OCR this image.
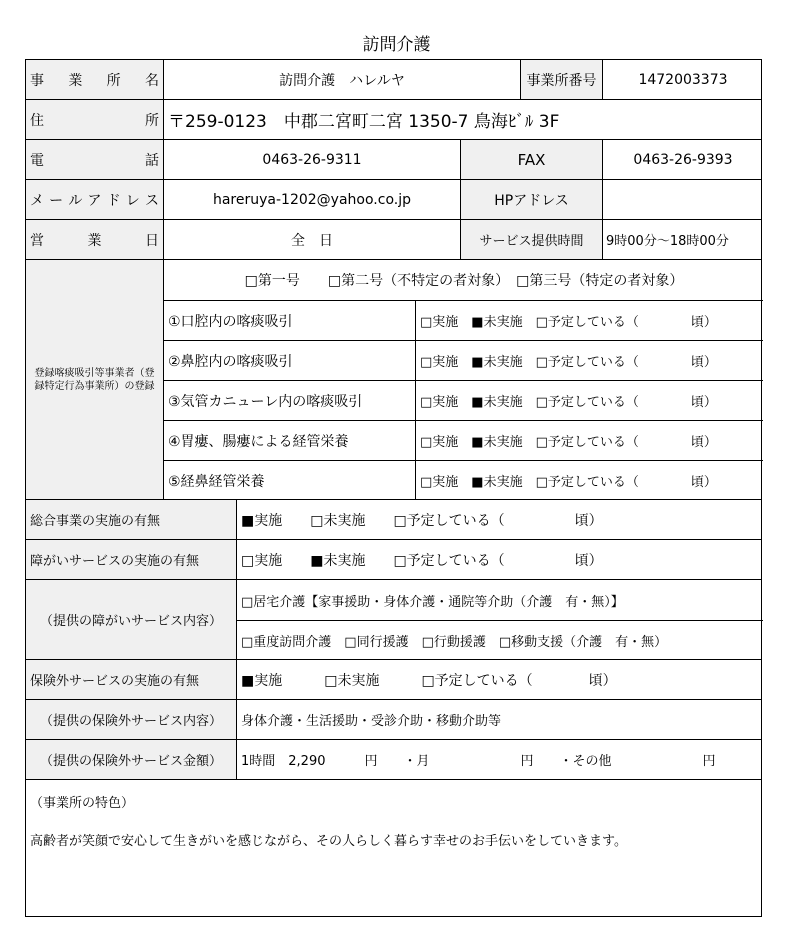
訪問介護
事 業 所 名	訪問介護　ハレルヤ	事業所番号	1472003373
住	所 〒259-0123　中郡二宮町二宮 1350-7 鳥海ﾋﾞﾙ 3F
電	話	0463-26-9311	FAX	0463-26-9393
メ ー ル ア ド レ ス	hareruya-1202@yahoo.co.jp	HPアドレス
営	業	日	全　日	サービス提供時間	9時00分～18時00分
登録喀痰吸引等事業者（登録特定行為事業所）の登録
□第一号　　□第二号（不特定の者対象）　□第三号（特定の者対象）
①口腔内の喀痰吸引	□実施　■未実施　□予定している（　　　　頃）
②鼻腔内の喀痰吸引	□実施　■未実施　□予定している（　　　　頃）
③気管カニューレ内の喀痰吸引	□実施　■未実施　□予定している（　　　　頃）
④胃瘻、腸瘻による経管栄養	□実施　■未実施　□予定している（　　　　頃）
⑤経鼻経管栄養	□実施　■未実施　□予定している（　　　　頃）
総合事業の実施の有無	■実施　　□未実施　　□予定している（　　　　　頃）
障がいサービスの実施の有無	□実施　　■未実施　　□予定している（　　　　　頃）
（提供の障がいサービス内容）
□居宅介護【家事援助・身体介護・通院等介助（介護　有・無）】
□重度訪問介護　□同行援護　□行動援護　□移動支援（介護　有・無）
保険外サービスの実施の有無	■実施　　　□未実施　　　□予定している（　　　　頃）
（提供の保険外サービス内容）	身体介護・生活援助・受診介助・移動介助等
（提供の保険外サービス金額）	1時間　2,290　　　円　　・月　　　　　　　円　　・その他　　　　　　　円
（事業所の特色）
高齢者が笑顔で安心して生きがいを感じながら、その人らしく暮らす幸せのお手伝いをしていきます。
